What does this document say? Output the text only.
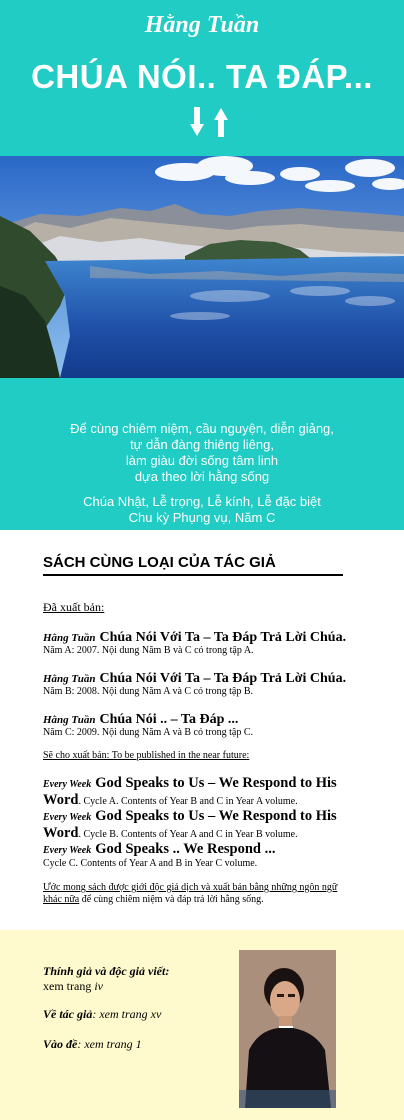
Hằng Tuần
CHÚA NÓI.. TA ĐÁP...
Để cùng chiêm niệm, cầu nguyện, diễn giảng,
tự dẫn đàng thiêng liêng,
làm giàu đời sống tâm linh
dựa theo lời hằng sống
Chúa Nhật, Lễ trọng, Lễ kính, Lễ đặc biệt
Chu kỳ Phụng vụ, Năm C
SÁCH CÙNG LOẠI CỦA TÁC GIẢ
Đã xuất bản:
Hằng Tuần Chúa Nói Với Ta – Ta Đáp Trả Lời Chúa.
Năm A: 2007. Nội dung Năm B và C có trong tập A.
Hằng Tuần Chúa Nói Với Ta – Ta Đáp Trả Lời Chúa.
Năm B: 2008. Nội dung Năm A và C có trong tập B.
Hằng Tuần Chúa Nói .. – Ta Đáp ...
Năm C: 2009. Nội dung Năm A và B có trong tập C.
Sẽ cho xuất bản: To be published in the near future:
Every Week God Speaks to Us – We Respond to His
Word. Cycle A. Contents of Year B and C in Year A volume.
Every Week God Speaks to Us – We Respond to His
Word. Cycle B. Contents of Year A and C in Year B volume.
Every Week God Speaks .. We Respond ...
Cycle C. Contents of Year A and B in Year C volume.
Ước mong sách được giới độc giả dịch và xuất bản bằng những ngôn ngữ
khác nữa để cùng chiêm niệm và đáp trả lời hằng sống.
Thính giả và độc giả viết:
xem trang iv
Về tác giả: xem trang xv
Vào đề: xem trang 1
